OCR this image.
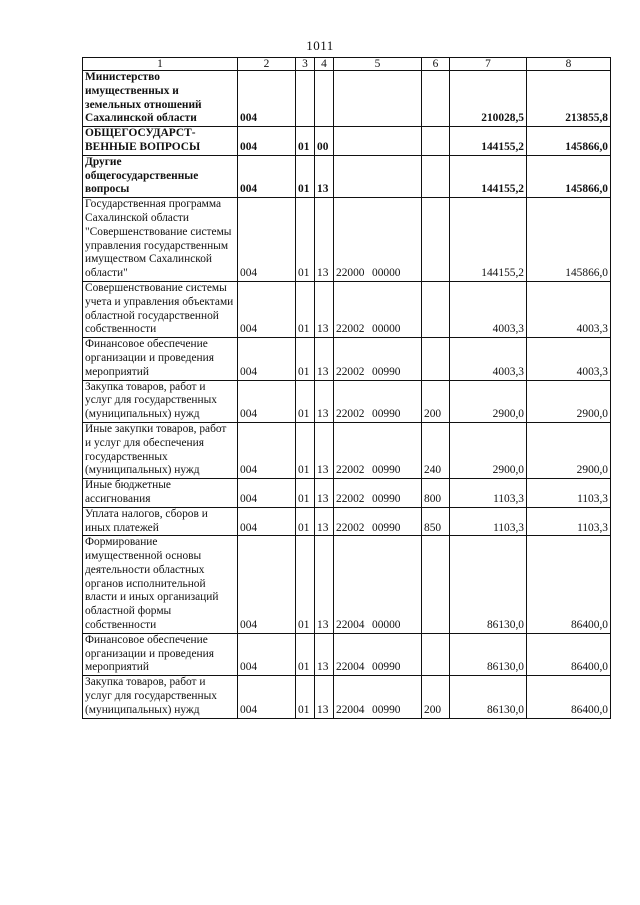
1011
1	2	3	4	5	6	7	8
Министерство имущественных и земельных отношений Сахалинской области	004					210028,5	213855,8
ОБЩЕГОСУДАРСТ-ВЕННЫЕ ВОПРОСЫ	004	01	00			144155,2	145866,0
Другие общегосударственные вопросы	004	01	13			144155,2	145866,0
Государственная программа Сахалинской области "Совершенствование системы управления государственным имуществом Сахалинской области"	004	01	13	22000 00000		144155,2	145866,0
Совершенствование системы учета и управления объектами областной государственной собственности	004	01	13	22002 00000		4003,3	4003,3
Финансовое обеспечение организации и проведения мероприятий	004	01	13	22002 00990		4003,3	4003,3
Закупка товаров, работ и услуг для государственных (муниципальных) нужд	004	01	13	22002 00990	200	2900,0	2900,0
Иные закупки товаров, работ и услуг для обеспечения государственных (муниципальных) нужд	004	01	13	22002 00990	240	2900,0	2900,0
Иные бюджетные ассигнования	004	01	13	22002 00990	800	1103,3	1103,3
Уплата налогов, сборов и иных платежей	004	01	13	22002 00990	850	1103,3	1103,3
Формирование имущественной основы деятельности областных органов исполнительной власти и иных организаций областной формы собственности	004	01	13	22004 00000		86130,0	86400,0
Финансовое обеспечение организации и проведения мероприятий	004	01	13	22004 00990		86130,0	86400,0
Закупка товаров, работ и услуг для государственных (муниципальных) нужд	004	01	13	22004 00990	200	86130,0	86400,0
